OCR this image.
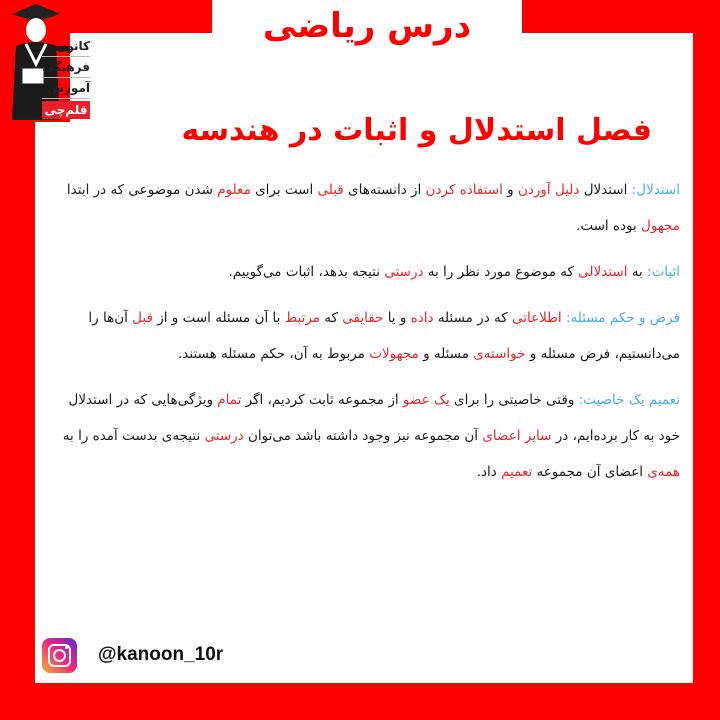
درس ریاضی
کانون
فرهنگی
آموزش
قلم‌چی
فصل استدلال و اثبات در هندسه

استدلال: استدلال دلیل آوردن و استفاده کردن از دانسته‌های قبلی است برای معلوم شدن موضوعی که در ابتدا مجهول بوده است.

اثبات: به استدلالی که موضوع مورد نظر را به درستی نتیجه بدهد، اثبات می‌گوییم.

فرض و حکم مسئله: اطلاعاتی که در مسئله داده و یا حقایقی که مرتبط با آن مسئله است و از قبل آن‌ها را می‌دانستیم، فرض مسئله و خواسته‌ی مسئله و مجهولات مربوط به آن، حکم مسئله هستند.

تعمیم یک خاصیت: وقتی خاصیتی را برای یک عضو از مجموعه ثابت کردیم، اگر تمام ویژگی‌هایی که در استدلال خود به کار برده‌ایم، در سایر اعضای آن مجموعه نیز وجود داشته باشد می‌توان درستی نتیجه‌ی بدست آمده را به همه‌ی اعضای آن مجموعه تعمیم داد.

@kanoon_10r
